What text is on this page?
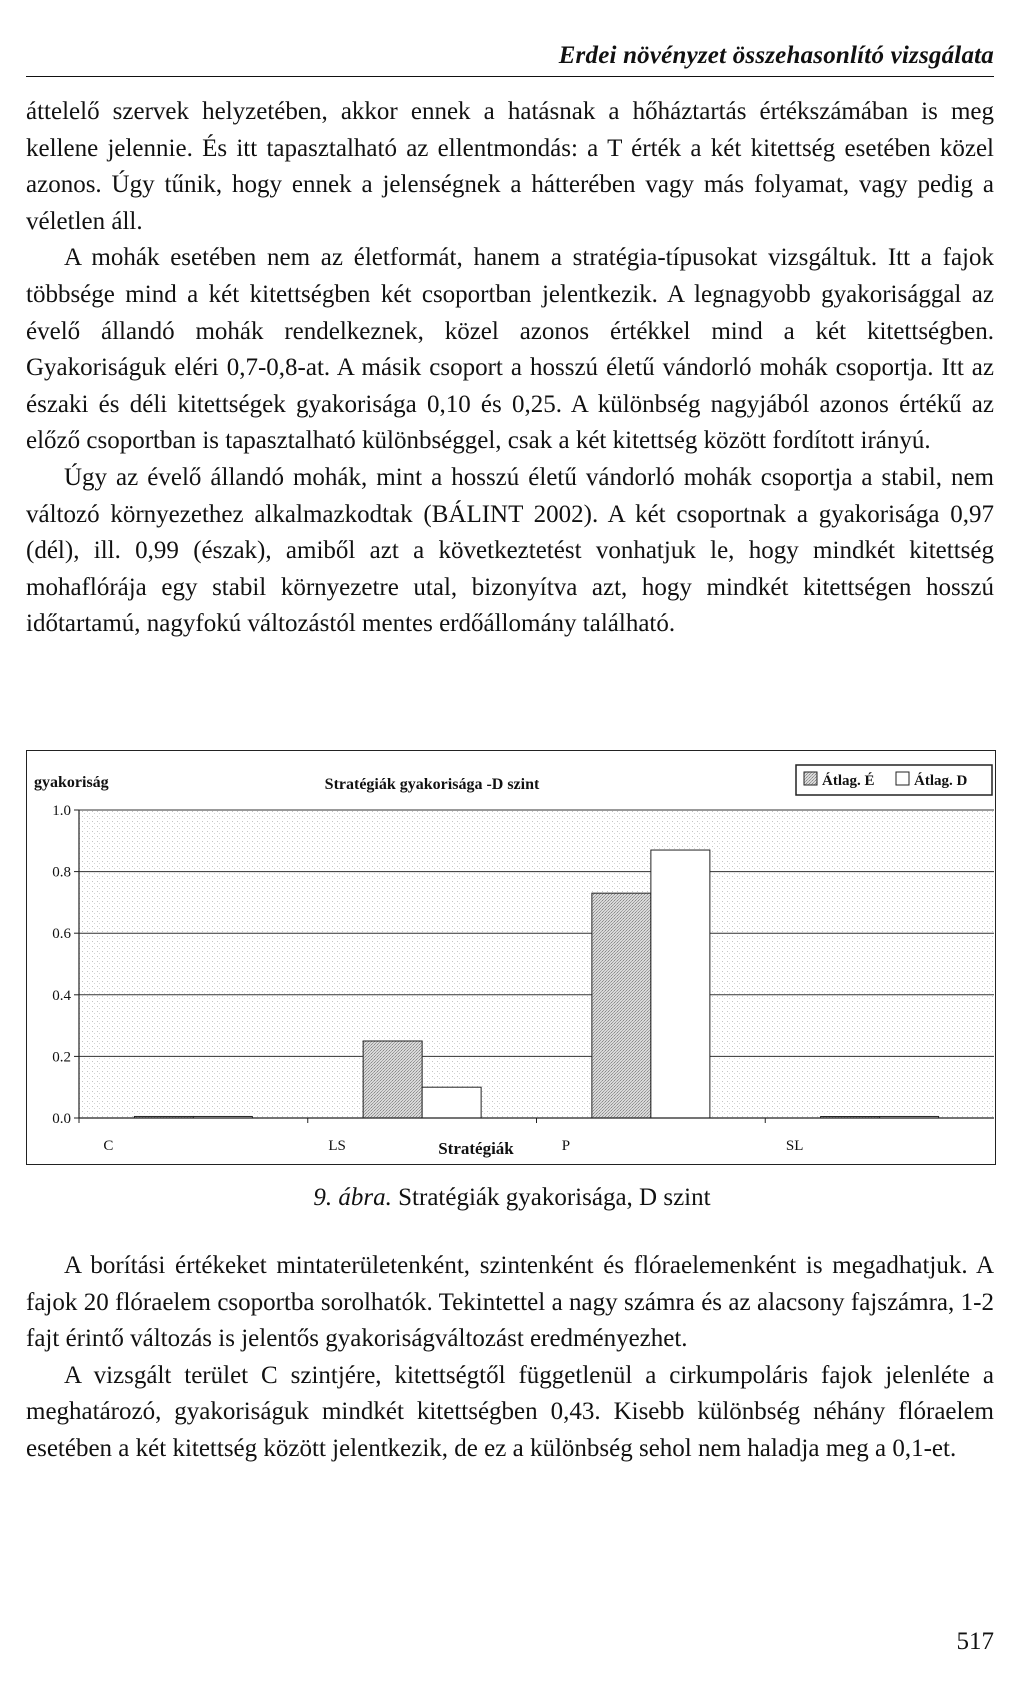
Erdei növényzet összehasonlító vizsgálata

áttelelő szervek helyzetében, akkor ennek a hatásnak a hőháztartás értékszámában is meg kellene jelennie. És itt tapasztalható az ellentmondás: a T érték a két kitettség esetében közel azonos. Úgy tűnik, hogy ennek a jelenségnek a hátterében vagy más folyamat, vagy pedig a véletlen áll.

A mohák esetében nem az életformát, hanem a stratégia-típusokat vizsgáltuk. Itt a fajok többsége mind a két kitettségben két csoportban jelentkezik. A legnagyobb gyakorisággal az évelő állandó mohák rendelkeznek, közel azonos értékkel mind a két kitettségben. Gyakoriságuk eléri 0,7-0,8-at. A másik csoport a hosszú életű vándorló mohák csoportja. Itt az északi és déli kitettségek gyakorisága 0,10 és 0,25. A különbség nagyjából azonos értékű az előző csoportban is tapasztalható különbséggel, csak a két kitettség között fordított irányú.

Úgy az évelő állandó mohák, mint a hosszú életű vándorló mohák csoportja a stabil, nem változó környezethez alkalmazkodtak (BÁLINT 2002). A két csoportnak a gyakorisága 0,97 (dél), ill. 0,99 (észak), amiből azt a következtetést vonhatjuk le, hogy mindkét kitettség mohaflórája egy stabil környezetre utal, bizonyítva azt, hogy mindkét kitettségen hosszú időtartamú, nagyfokú változástól mentes erdőállomány található.

1.0
0.8
0.6
0.4
0.2
0.0
C	LS	P	SL
gyakoriság	Stratégiák gyakorisága -D szint
Stratégiák
Átlag. É	Átlag. D
9. ábra. Stratégiák gyakorisága, D szint

A borítási értékeket mintaterületenként, szintenként és flóraelemenként is megadhatjuk. A fajok 20 flóraelem csoportba sorolhatók. Tekintettel a nagy számra és az alacsony fajszámra, 1-2 fajt érintő változás is jelentős gyakoriságváltozást eredményezhet.

A vizsgált terület C szintjére, kitettségtől függetlenül a cirkumpoláris fajok jelenléte a meghatározó, gyakoriságuk mindkét kitettségben 0,43. Kisebb különbség néhány flóraelem esetében a két kitettség között jelentkezik, de ez a különbség sehol nem haladja meg a 0,1-et.

517
